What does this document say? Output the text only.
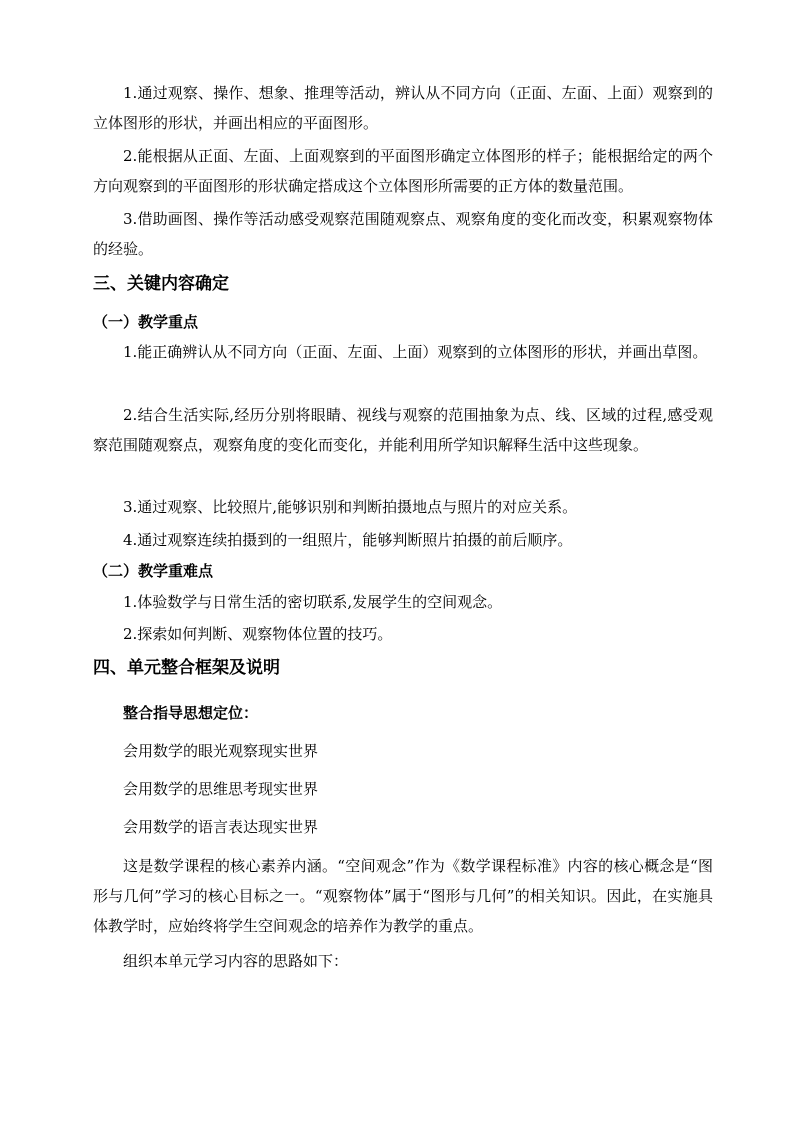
1.通过观察、操作、想象、推理等活动，辨认从不同方向（正面、左面、上面）观察到的立体图形的形状，并画出相应的平面图形。

2.能根据从正面、左面、上面观察到的平面图形确定立体图形的样子；能根据给定的两个方向观察到的平面图形的形状确定搭成这个立体图形所需要的正方体的数量范围。

3.借助画图、操作等活动感受观察范围随观察点、观察角度的变化而改变，积累观察物体的经验。

三、关键内容确定
（一）教学重点

1.能正确辨认从不同方向（正面、左面、上面）观察到的立体图形的形状，并画出草图。

2.结合生活实际,经历分别将眼睛、视线与观察的范围抽象为点、线、区域的过程,感受观察范围随观察点，观察角度的变化而变化，并能利用所学知识解释生活中这些现象。

3.通过观察、比较照片,能够识别和判断拍摄地点与照片的对应关系。

4.通过观察连续拍摄到的一组照片，能够判断照片拍摄的前后顺序。

（二）教学重难点

1.体验数学与日常生活的密切联系,发展学生的空间观念。

2.探索如何判断、观察物体位置的技巧。

四、单元整合框架及说明
整合指导思想定位：

会用数学的眼光观察现实世界

会用数学的思维思考现实世界

会用数学的语言表达现实世界

这是数学课程的核心素养内涵。“空间观念”作为《数学课程标准》内容的核心概念是“图形与几何”学习的核心目标之一。“观察物体”属于“图形与几何”的相关知识。因此，在实施具体教学时，应始终将学生空间观念的培养作为教学的重点。

组织本单元学习内容的思路如下：
